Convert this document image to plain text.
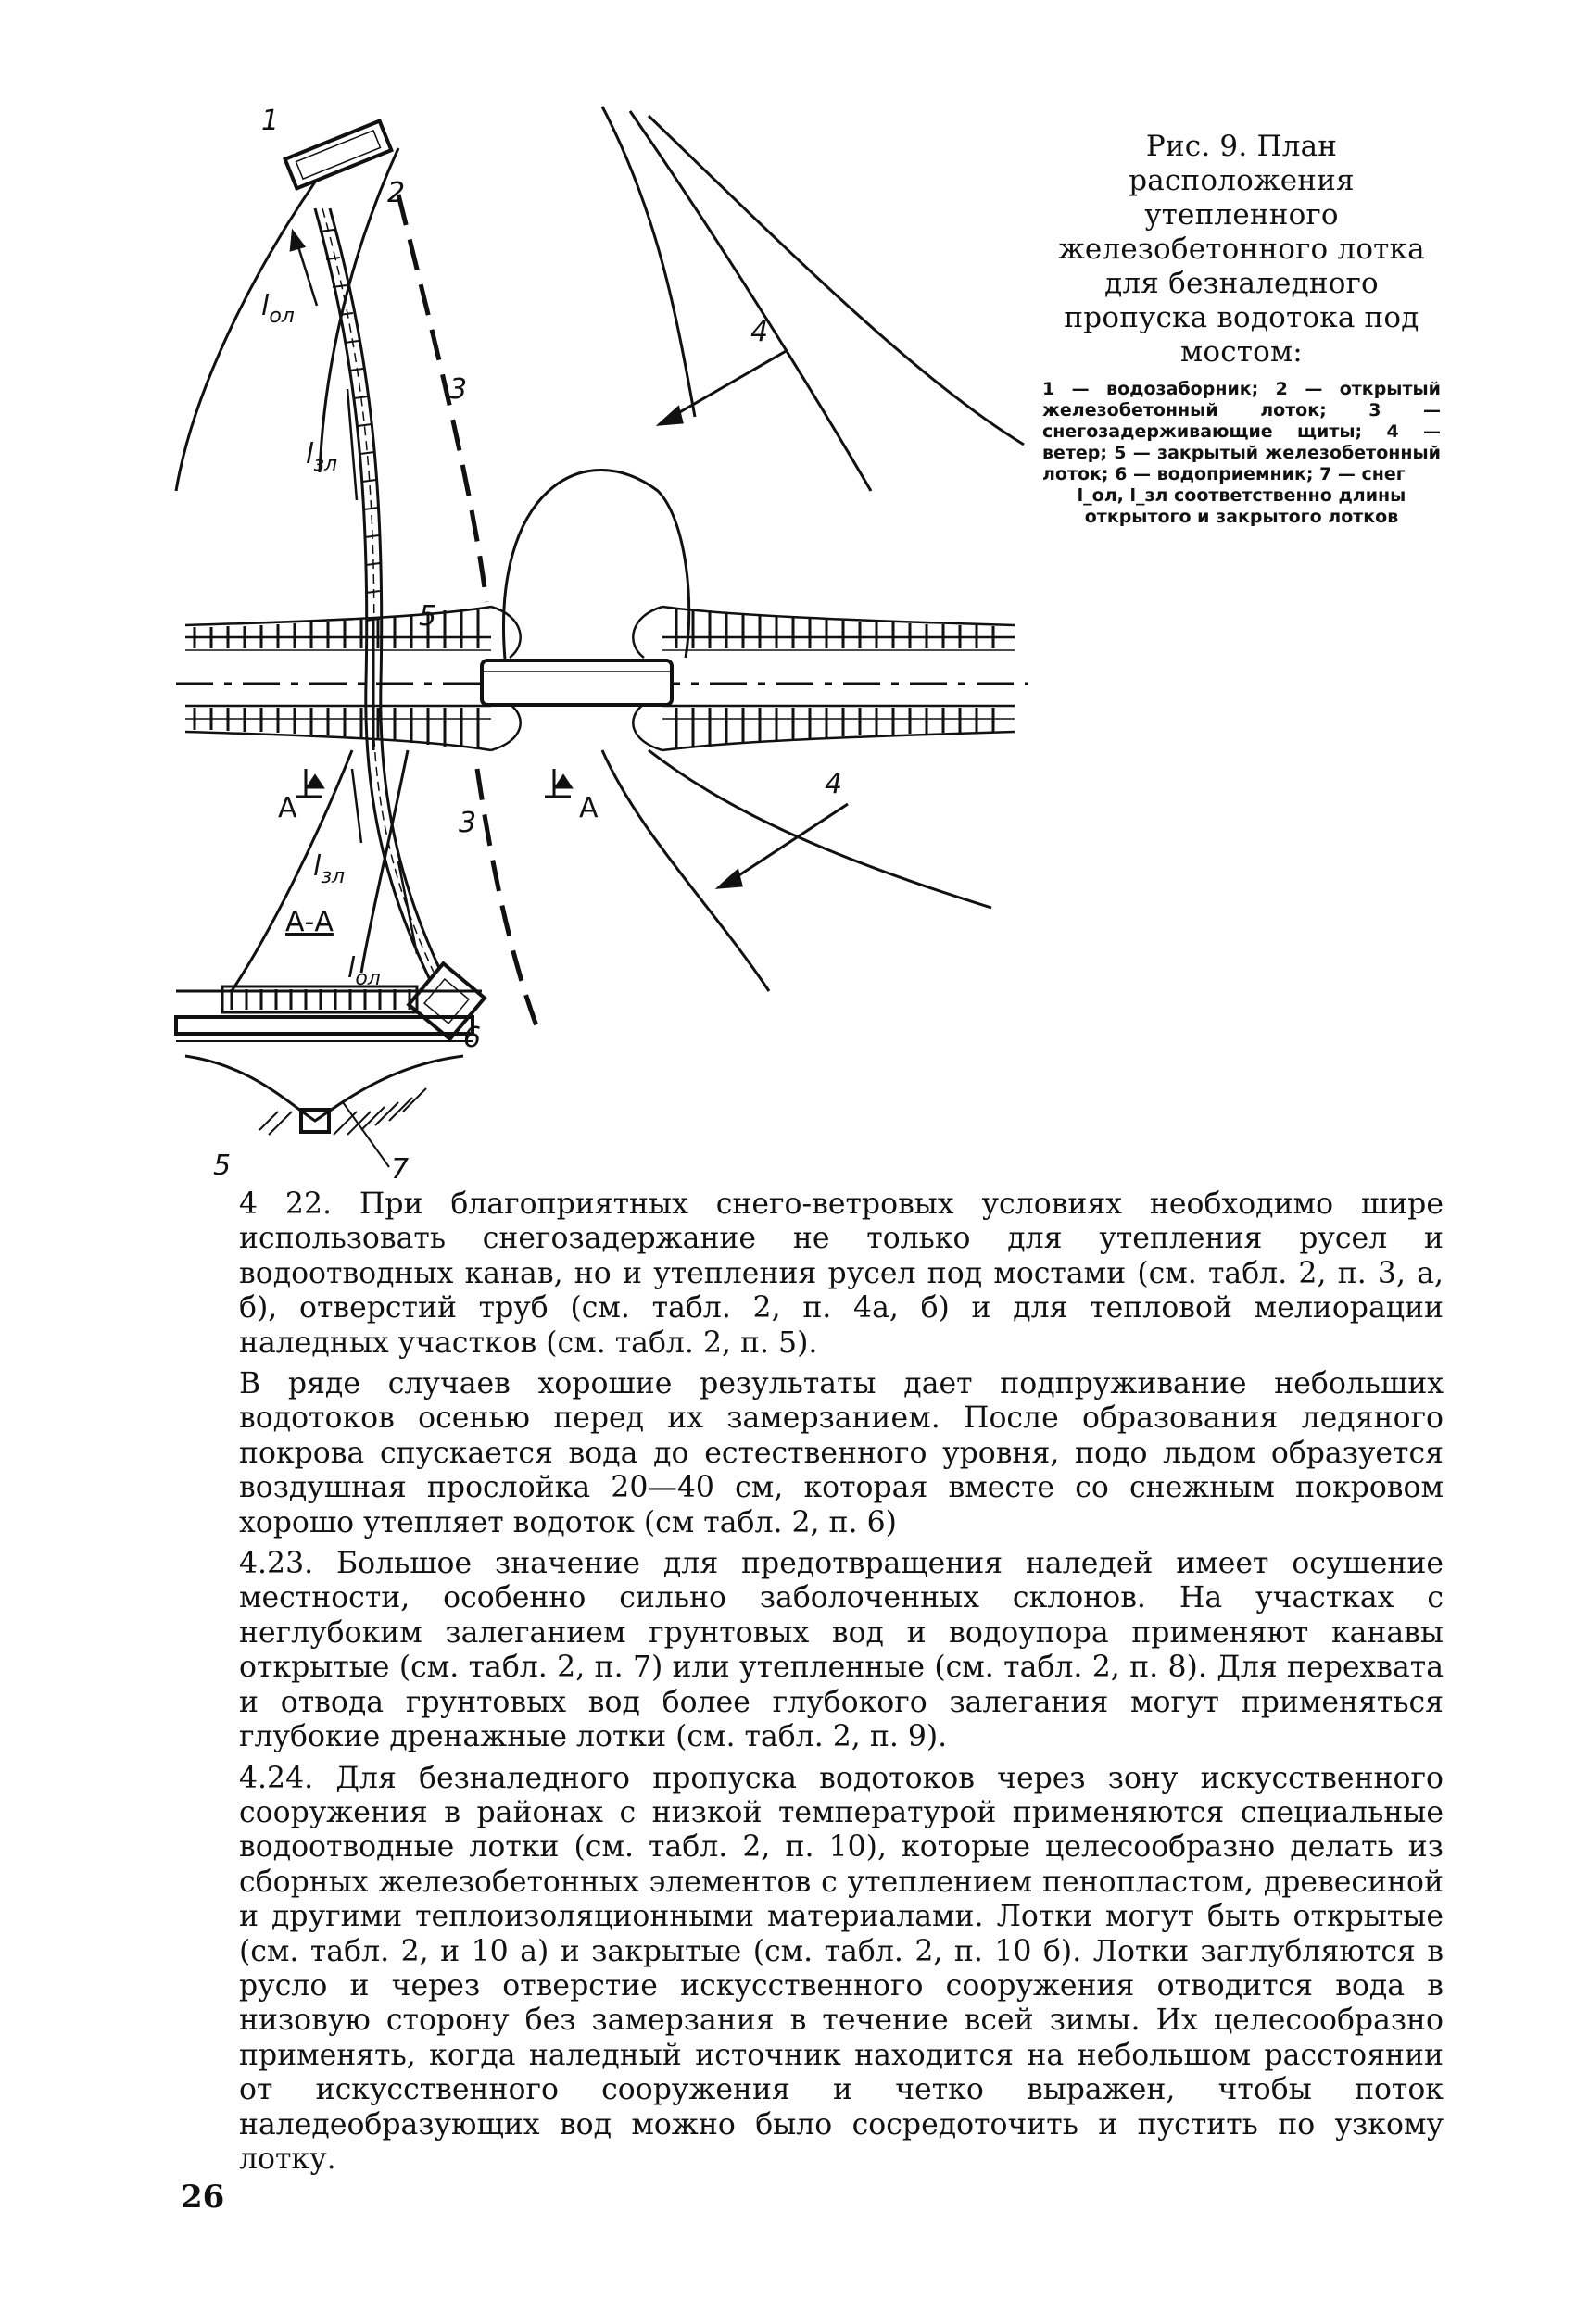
1
2
3
3
4
4
5
6
5	7
$l_{ол}$
$l_{зл}$
$l_{зл}$
$l_{ол}$
А	А
А-А

Рис. 9. План расположения утепленного железобетонного лотка для безналедного пропуска водотока под мостом:

1 — водозаборник; 2 — открытый железобетонный лоток; 3 — снегозадерживающие щиты; 4 — ветер; 5 — закрытый железобетонный лоток; 6 — водоприемник; 7 — снег
l_ол, l_зл соответственно длины открытого и закрытого лотков

4 22. При благоприятных снего-ветровых условиях необходимо шире использовать снегозадержание не только для утепления русел и водоотводных канав, но и утепления русел под мостами (см. табл. 2, п. 3, а, б), отверстий труб (см. табл. 2, п. 4а, б) и для тепловой мелиорации наледных участков (см. табл. 2, п. 5).

В ряде случаев хорошие результаты дает подпруживание небольших водотоков осенью перед их замерзанием. После образования ледяного покрова спускается вода до естественного уровня, подо льдом образуется воздушная прослойка 20—40 см, которая вместе со снежным покровом хорошо утепляет водоток (см табл. 2, п. 6)

4.23. Большое значение для предотвращения наледей имеет осушение местности, особенно сильно заболоченных склонов. На участках с неглубоким залеганием грунтовых вод и водоупора применяют канавы открытые (см. табл. 2, п. 7) или утепленные (см. табл. 2, п. 8). Для перехвата и отвода грунтовых вод более глубокого залегания могут применяться глубокие дренажные лотки (см. табл. 2, п. 9).

4.24. Для безналедного пропуска водотоков через зону искусственного сооружения в районах с низкой температурой применяются специальные водоотводные лотки (см. табл. 2, п. 10), которые целесообразно делать из сборных железобетонных элементов с утеплением пенопластом, древесиной и другими теплоизоляционными материалами. Лотки могут быть открытые (см. табл. 2, и 10 а) и закрытые (см. табл. 2, п. 10 б). Лотки заглубляются в русло и через отверстие искусственного сооружения отводится вода в низовую сторону без замерзания в течение всей зимы. Их целесообразно применять, когда наледный источник находится на небольшом расстоянии от искусственного сооружения и четко выражен, чтобы поток наледеобразующих вод можно было сосредоточить и пустить по узкому лотку.

26
